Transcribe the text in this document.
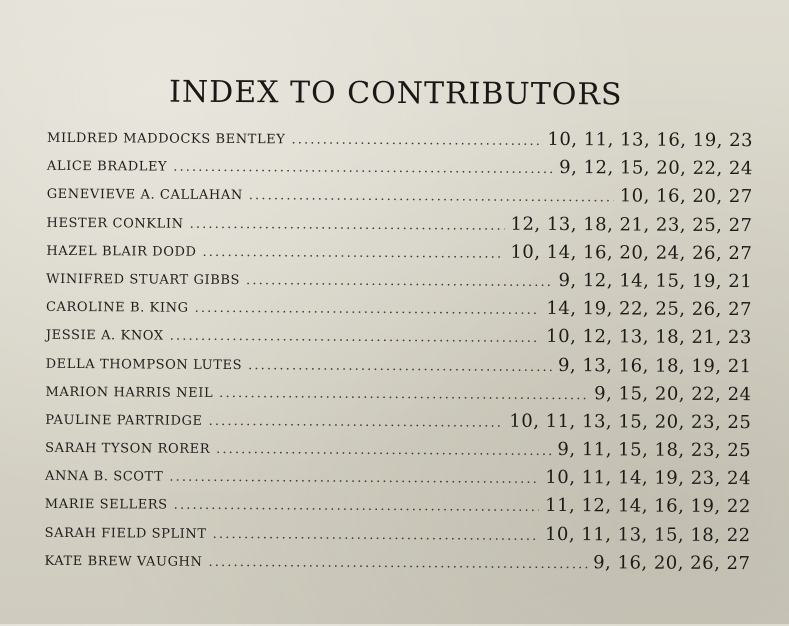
INDEX TO CONTRIBUTORS
MILDRED MADDOCKS BENTLEY . . .	10, 11, 13, 16, 19, 23
ALICE BRADLEY . . .	9, 12, 15, 20, 22, 24
GENEVIEVE A. CALLAHAN . . .	10, 16, 20, 27
HESTER CONKLIN . . .	12, 13, 18, 21, 23, 25, 27
HAZEL BLAIR DODD . . .	10, 14, 16, 20, 24, 26, 27
WINIFRED STUART GIBBS . . .	9, 12, 14, 15, 19, 21
CAROLINE B. KING . . .	14, 19, 22, 25, 26, 27
JESSIE A. KNOX . . .	10, 12, 13, 18, 21, 23
DELLA THOMPSON LUTES . . .	9, 13, 16, 18, 19, 21
MARION HARRIS NEIL . . .	9, 15, 20, 22, 24
PAULINE PARTRIDGE . . .	10, 11, 13, 15, 20, 23, 25
SARAH TYSON RORER . . .	9, 11, 15, 18, 23, 25
ANNA B. SCOTT . . .	10, 11, 14, 19, 23, 24
MARIE SELLERS . . .	11, 12, 14, 16, 19, 22
SARAH FIELD SPLINT . . .	10, 11, 13, 15, 18, 22
KATE BREW VAUGHN . . .	9, 16, 20, 26, 27
